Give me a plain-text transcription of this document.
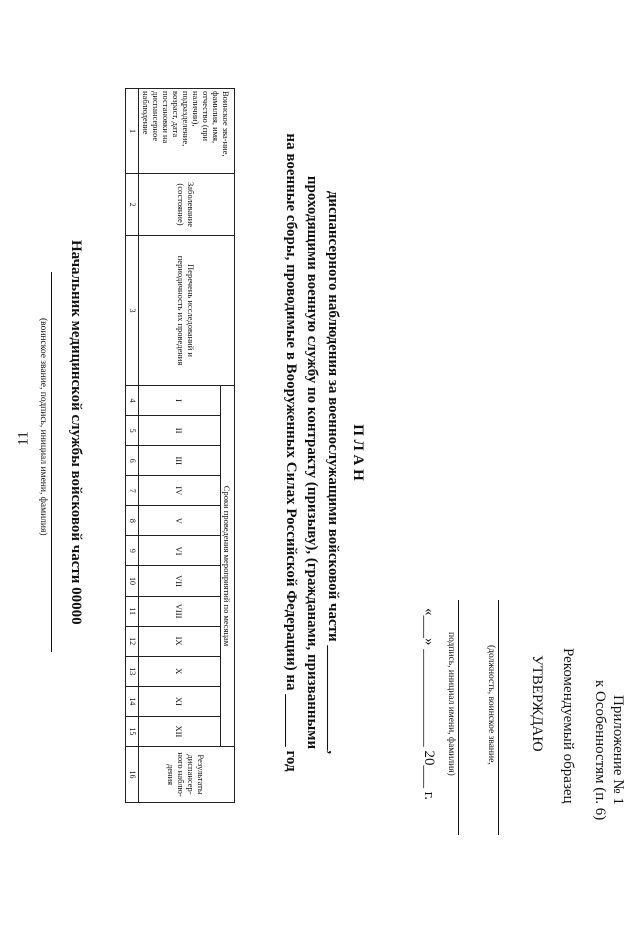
11
Приложение № 1
к Особенностям (п. 6)
Рекомендуемый образец
УТВЕРЖДАЮ
(должность, воинское звание,
подпись, инициал имени, фамилия)
«___» _____________ 20___ г.
П Л А Н
диспансерного наблюдения за военнослужащими войсковой части ______________,
проходящими военную службу по контракту (призыву), (гражданами, призванными
на военные сборы, проводимые в Вооруженных Силах Российской Федерации) на _______ год
Воинское зва-ние, фамилия, имя, отчество (при наличии), подразделение, возраст, дата постановки на диспансерное наблюдение	Заболевание (состояние)	Перечень исследований и периодичность их проведения	Сроки проведения мероприятий по месяцам												Результаты диспансер-ного наблю-дения
			I	II	III	IV	V	VI	VII	VIII	IX	X	XI	XII	
1	2	3	4	5	6	7	8	9	10	11	12	13	14	15	16
Начальник медицинской службы войсковой части 00000
(воинское звание, подпись, инициал имени, фамилия)
